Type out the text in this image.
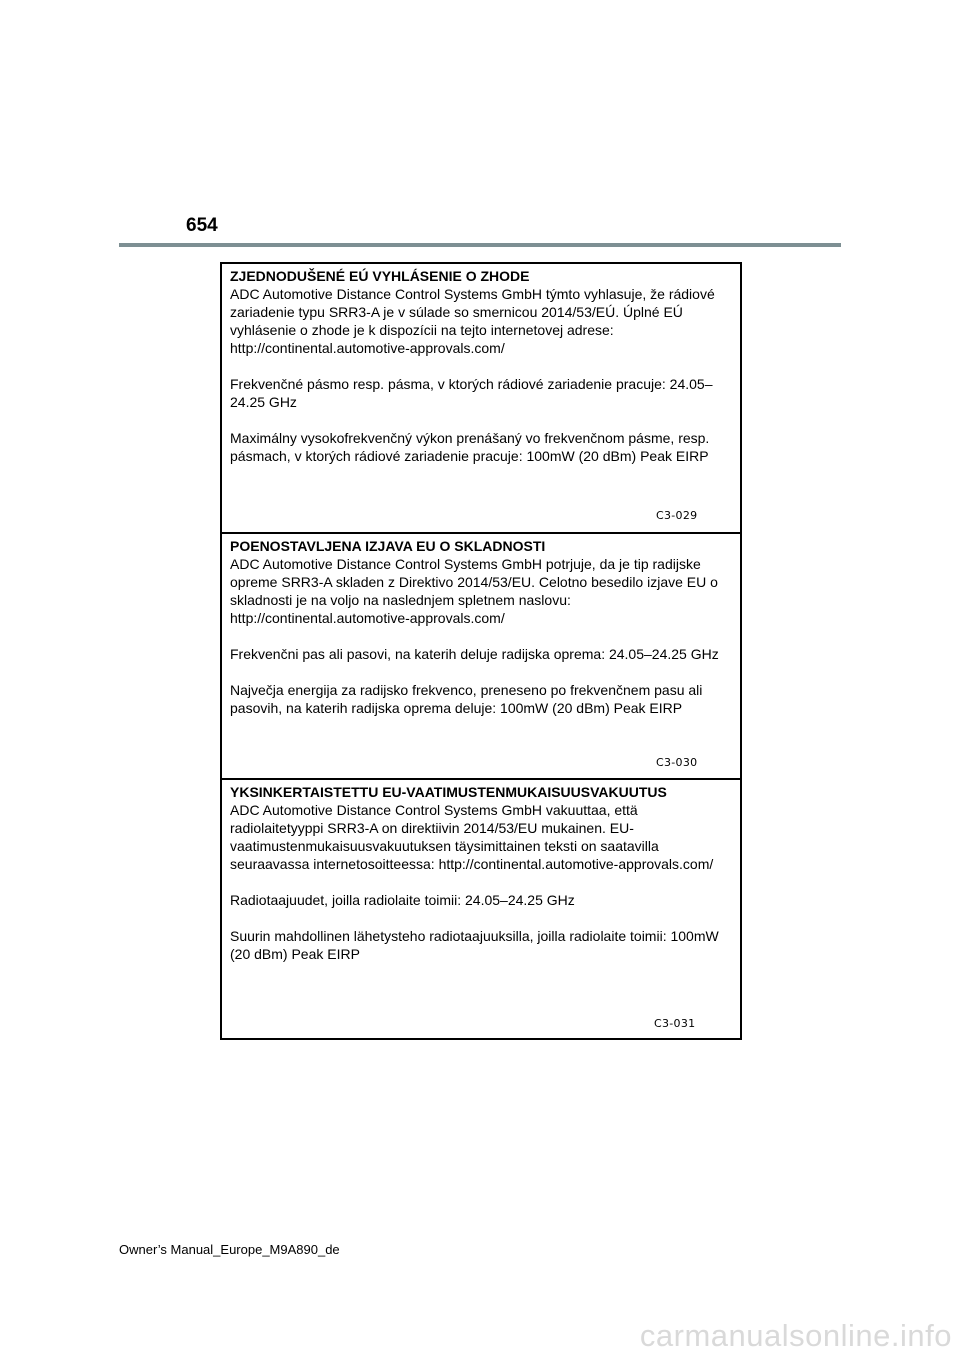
654

ZJEDNODUŠENÉ EÚ VYHLÁSENIE O ZHODE

ADC Automotive Distance Control Systems GmbH týmto vyhlasuje, že rádiové zariadenie typu SRR3-A je v súlade so smernicou 2014/53/EÚ. Úplné EÚ vyhlásenie o zhode je k dispozícii na tejto internetovej adrese: http://continental.automotive-approvals.com/

Frekvenčné pásmo resp. pásma, v ktorých rádiové zariadenie pracuje: 24.05–24.25 GHz

Maximálny vysokofrekvenčný výkon prenášaný vo frekvenčnom pásme, resp. pásmach, v ktorých rádiové zariadenie pracuje: 100mW (20 dBm) Peak EIRP

C3-029

POENOSTAVLJENA IZJAVA EU O SKLADNOSTI

ADC Automotive Distance Control Systems GmbH potrjuje, da je tip radijske opreme SRR3-A skladen z Direktivo 2014/53/EU. Celotno besedilo izjave EU o skladnosti je na voljo na naslednjem spletnem naslovu: http://continental.automotive-approvals.com/

Frekvenčni pas ali pasovi, na katerih deluje radijska oprema: 24.05–24.25 GHz

Največja energija za radijsko frekvenco, preneseno po frekvenčnem pasu ali pasovih, na katerih radijska oprema deluje: 100mW (20 dBm) Peak EIRP

C3-030

YKSINKERTAISTETTU EU-VAATIMUSTENMUKAISUUSVAKUUTUS

ADC Automotive Distance Control Systems GmbH vakuuttaa, että radiolaitetyyppi SRR3-A on direktiivin 2014/53/EU mukainen. EU-vaatimustenmukaisuusvakuutuksen täysimittainen teksti on saatavilla seuraavassa internetosoitteessa: http://continental.automotive-approvals.com/

Radiotaajuudet, joilla radiolaite toimii: 24.05–24.25 GHz

Suurin mahdollinen lähetysteho radiotaajuuksilla, joilla radiolaite toimii: 100mW (20 dBm) Peak EIRP

C3-031
Owner’s Manual_Europe_M9A890_de
carmanualsonline.info
